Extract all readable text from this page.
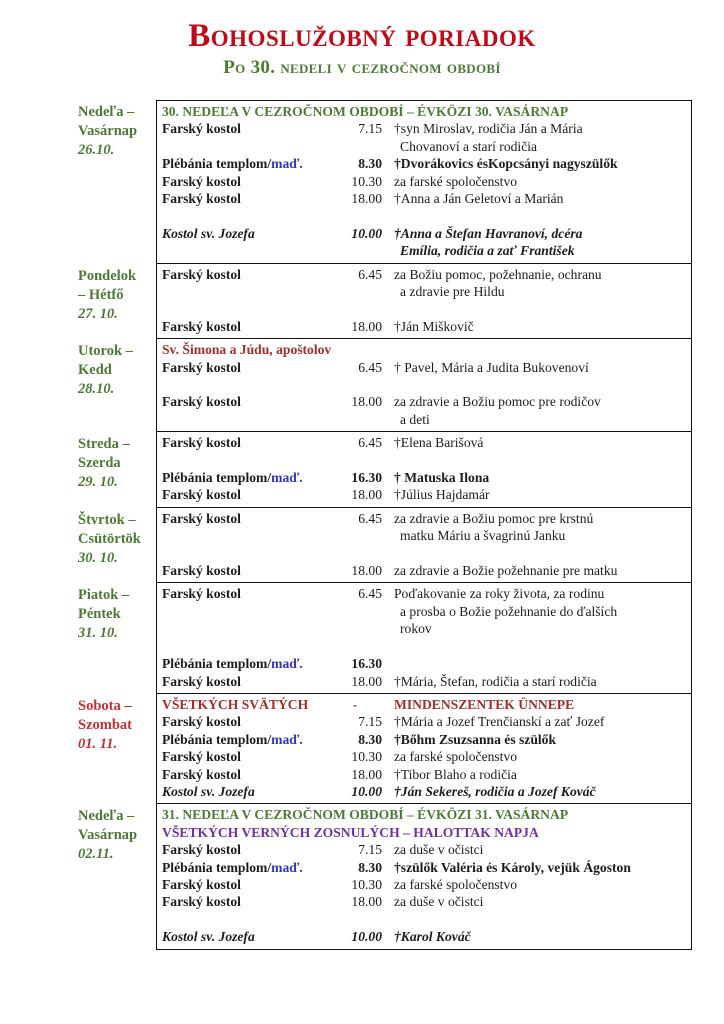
Bohoslužobný poriadok
Po 30. nedeli v cezročnom období
Nedeľa –
Vasárnap
26.10.
30. NEDEĽA V CEZROČNOM OBDOBÍ – ÉVKÖZI 30. VASÁRNAP
Farský kostol	7.15 †syn Miroslav, rodičia Ján a Mária
Chovanoví a starí rodičia
Plébánia templom/maď.	8.30 †Dvorákovics ésKopcsányi nagyszülők
Farský kostol	10.30 za farské spoločenstvo
Farský kostol	18.00 †Anna a Ján Geletoví a Marián
Kostol sv. Jozefa	10.00 †Anna a Štefan Havranoví, dcéra
Emília, rodičia a zať František
Pondelok
– Hétfő
27. 10.
Farský kostol	6.45 za Božiu pomoc, požehnanie, ochranu
a zdravie pre Hildu
Farský kostol	18.00 †Ján Miškovič
Utorok –
Kedd
28.10.
Sv. Šimona a Júdu, apoštolov
Farský kostol	6.45 † Pavel, Mária a Judita Bukovenoví
Farský kostol	18.00 za zdravie a Božiu pomoc pre rodičov
a deti
Streda –
Szerda
29. 10.
Farský kostol	6.45 †Elena Barišová
Plébánia templom/maď.	16.30 † Matuska Ilona
Farský kostol	18.00 †Július Hajdamár
Štvrtok –
Csütörtök
30. 10.
Farský kostol	6.45 za zdravie a Božiu pomoc pre krstnú
matku Máriu a švagrinú Janku
Farský kostol	18.00 za zdravie a Božie požehnanie pre matku
Piatok –
Péntek
31. 10.
Farský kostol	6.45 Poďakovanie za roky života, za rodinu
a prosba o Božie požehnanie do ďalších
rokov
Plébánia templom/maď.	16.30
Farský kostol	18.00 †Mária, Štefan, rodičia a starí rodičia
Sobota –
Szombat
01. 11.
VŠETKÝCH SVÄTÝCH	-	MINDENSZENTEK ÜNNEPE
Farský kostol	7.15 †Mária a Jozef Trenčianskí a zať Jozef
Plébánia templom/maď.	8.30 †Bőhm Zsuzsanna és szülők
Farský kostol	10.30 za farské spoločenstvo
Farský kostol	18.00 †Tibor Blaho a rodičia
Kostol sv. Jozefa	10.00 †Ján Sekereš, rodičia a Jozef Kováč
Nedeľa –
Vasárnap
02.11.
31. NEDEĽA V CEZROČNOM OBDOBÍ – ÉVKÖZI 31. VASÁRNAP
VŠETKÝCH VERNÝCH ZOSNULÝCH – HALOTTAK NAPJA
Farský kostol	7.15 za duše v očistci
Plébánia templom/maď.	8.30 †szülők Valéria és Károly, vejük Ágoston
Farský kostol	10.30 za farské spoločenstvo
Farský kostol	18.00 za duše v očistci
Kostol sv. Jozefa	10.00 †Karol Kováč
